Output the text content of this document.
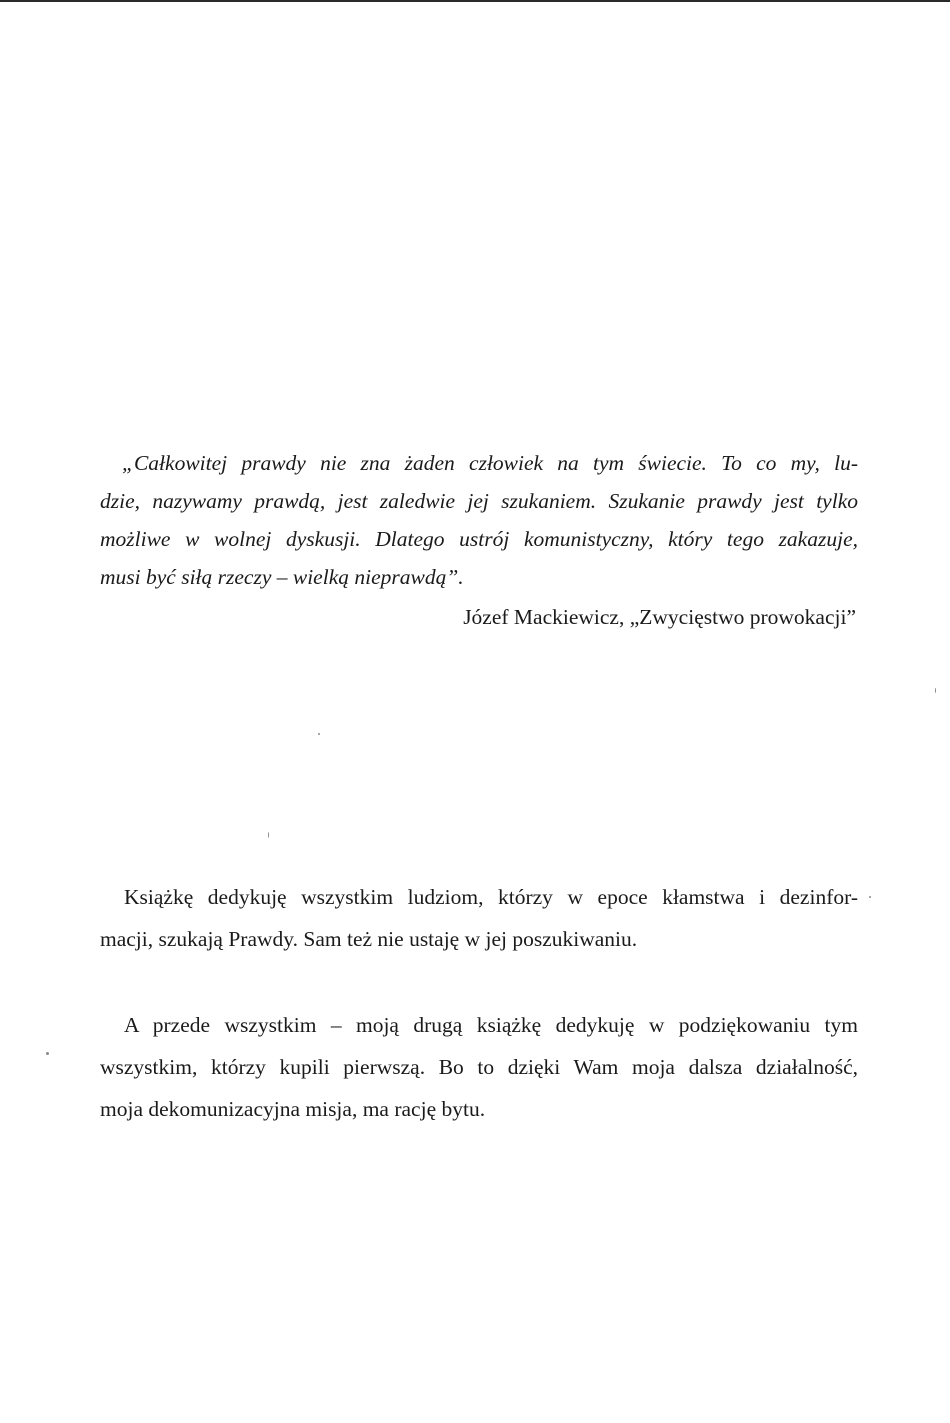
„Całkowitej prawdy nie zna żaden człowiek na tym świecie. To co my, lu-
dzie, nazywamy prawdą, jest zaledwie jej szukaniem. Szukanie prawdy jest tylko
możliwe w wolnej dyskusji. Dlatego ustrój komunistyczny, który tego zakazuje,
musi być siłą rzeczy – wielką nieprawdą”.
Józef Mackiewicz, „Zwycięstwo prowokacji”
Książkę dedykuję wszystkim ludziom, którzy w epoce kłamstwa i dezinfor-
macji, szukają Prawdy. Sam też nie ustaję w jej poszukiwaniu.
A przede wszystkim – moją drugą książkę dedykuję w podziękowaniu tym
wszystkim, którzy kupili pierwszą. Bo to dzięki Wam moja dalsza działalność,
moja dekomunizacyjna misja, ma rację bytu.
